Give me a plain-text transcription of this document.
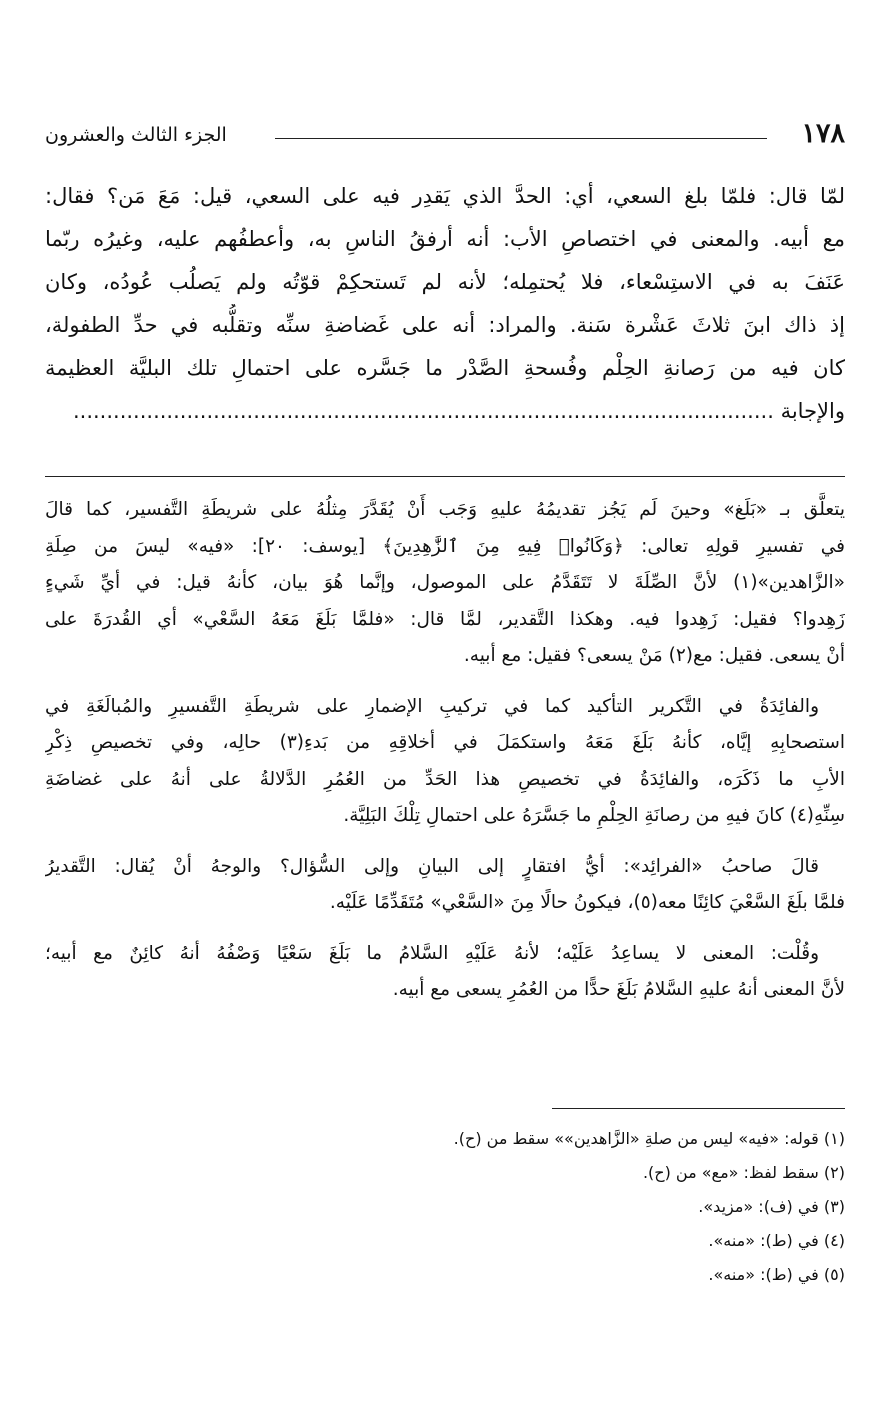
١٧٨
الجزء الثالث والعشرون
لمّا قال: فلمّا بلغ السعي، أي: الحدَّ الذي يَقدِر فيه على السعي، قيل: مَعَ مَن؟ فقال:
مع أبيه. والمعنى في اختصاصِ الأب: أنه أرفقُ الناسِ به، وأعطفُهم عليه، وغيرُه ربّما
عَنَفَ به في الاستِسْعاء، فلا يُحتمِله؛ لأنه لم تَستحكِمْ قوّتُه ولم يَصلُب عُودُه، وكان
إذ ذاك ابنَ ثلاثَ عَشْرة سَنة. والمراد: أنه على غَضاضةِ سنِّه وتقلُّبه في حدِّ الطفولة،
كان فيه من رَصانةِ الحِلْم وفُسحةِ الصَّدْر ما جَسَّره على احتمالِ تلك البليَّة العظيمة
والإجابة .........................................................................................................

يتعلَّق بـ «بَلَغ» وحينَ لَم يَجُز تقديمُهُ عليهِ وَجَب أَنْ يُقَدَّرَ مِثلُهُ على شريطَةِ التَّفسير، كما قالَ
في تفسيرِ قولِهِ تعالى: ﴿وَكَانُوا۟ فِيهِ مِنَ ٱلزَّٰهِدِينَ﴾ [يوسف: ٢٠]: «فيه» ليسَ من صِلَةِ
«الزَّاهدين»(١) لأنَّ الصِّلَةَ لا تَتَقَدَّمُ على الموصول، وإنَّما هُوَ بيان، كأنهُ قيل: في أيِّ شَيءٍ
زَهِدوا؟ فقيل: زَهِدوا فيه. وهكذا التَّقدير، لمَّا قال: «فلمَّا بَلَغَ مَعَهُ السَّعْي» أي القُدرَةَ على
أنْ يسعى. فقيل: مع(٢) مَنْ يسعى؟ فقيل: مع أبيه.

والفائِدَةُ في التَّكرير التأكيد كما في تركيبِ الإضمارِ على شريطَةِ التَّفسيرِ والمُبالَغَةِ في
استصحابِهِ إيَّاه، كأنهُ بَلَغَ مَعَهُ واستكمَلَ في أخلاقِهِ من بَدءِ(٣) حالِه، وفي تخصيصِ ذِكْرِ
الأبِ ما ذَكَرَه، والفائِدَةُ في تخصيصِ هذا الحَدِّ من العُمُرِ الدَّلالةُ على أنهُ على غضاضَةِ
سِنِّهِ(٤) كانَ فيهِ من رصانَةِ الحِلْمِ ما جَسَّرَهُ على احتمالِ تِلْكَ البَلِيَّة.

قالَ صاحبُ «الفرائِد»: أيُّ افتقارٍ إلى البيانِ وإلى السُّؤال؟ والوجهُ أنْ يُقال: التَّقديرُ
فلمَّا بلَغَ السَّعْيَ كائِنًا معه(٥)، فيكونُ حالًا مِنَ «السَّعْي» مُتَقَدِّمًا عَلَيْه.

وقُلْت: المعنى لا يساعِدُ عَلَيْه؛ لأنهُ عَلَيْهِ السَّلامُ ما بَلَغَ سَعْيًا وَصْفُهُ أنهُ كائِنٌ مع أبيه؛
لأنَّ المعنى أنهُ عليهِ السَّلامُ بَلَغَ حدًّا من العُمُرِ يسعى مع أبيه.

(١) قوله: «فيه» ليس من صلةِ «الزَّاهدين»» سقط من (ح).
(٢) سقط لفظ: «مع» من (ح).
(٣) في (ف): «مزيد».
(٤) في (ط): «منه».
(٥) في (ط): «منه».
